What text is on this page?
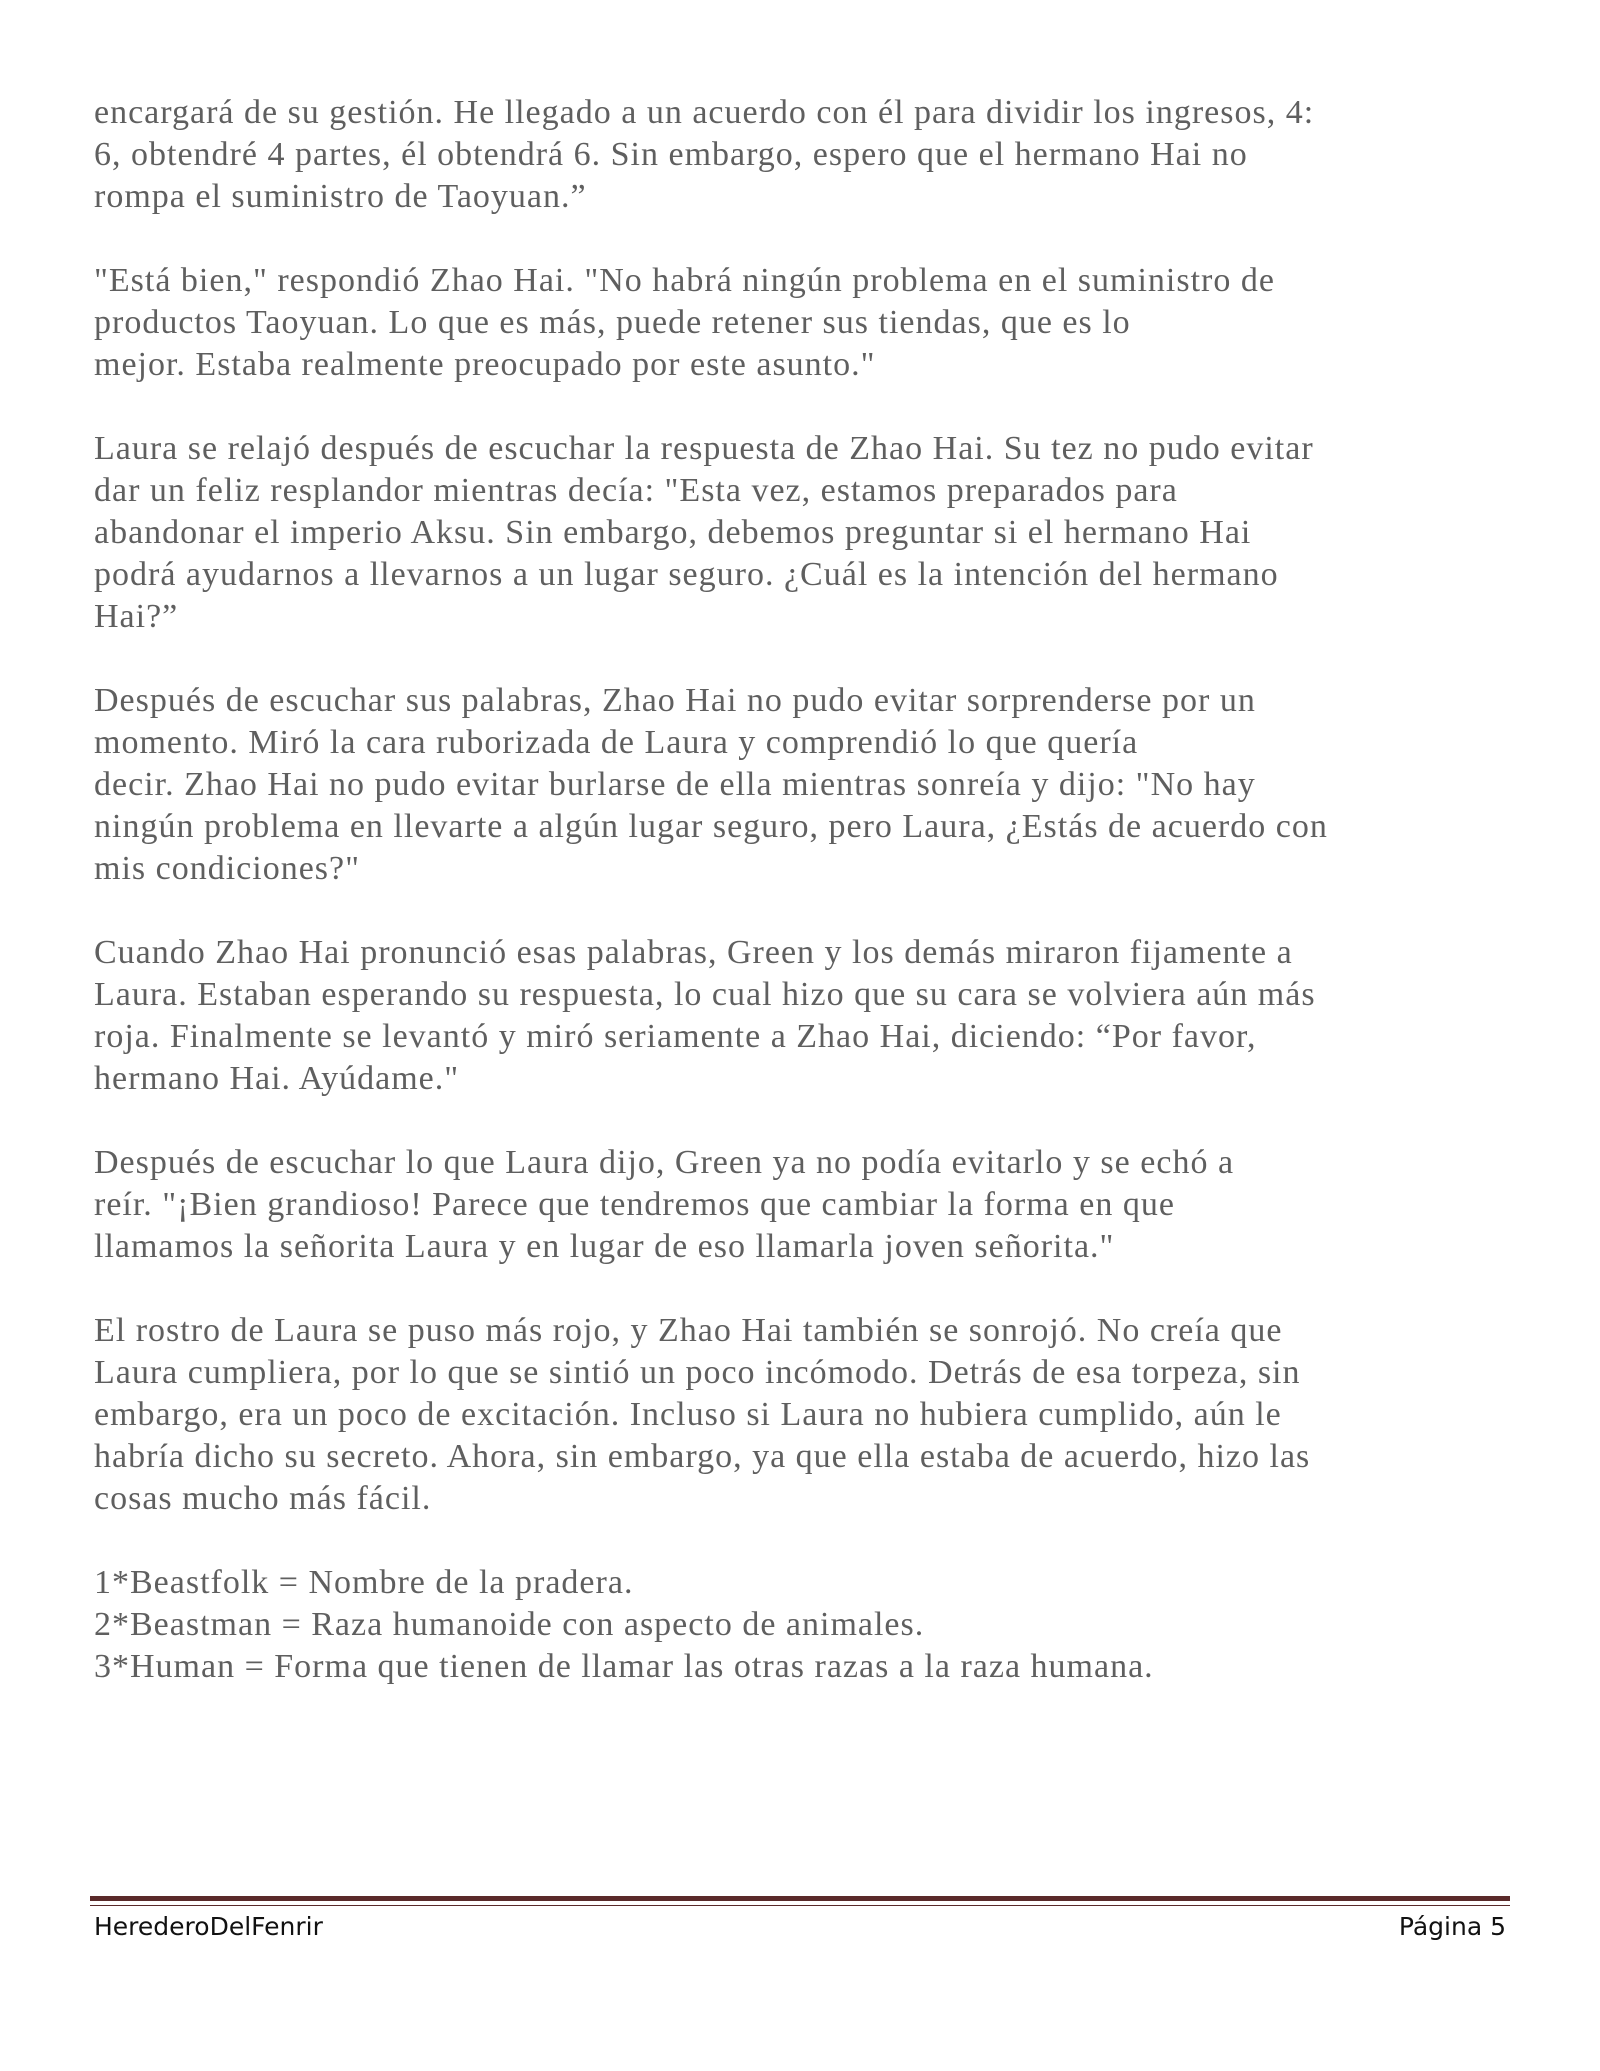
encargará de su gestión. He llegado a un acuerdo con él para dividir los ingresos, 4:
6, obtendré 4 partes, él obtendrá 6. Sin embargo, espero que el hermano Hai no
rompa el suministro de Taoyuan.”

"Está bien," respondió Zhao Hai. "No habrá ningún problema en el suministro de
productos Taoyuan. Lo que es más, puede retener sus tiendas, que es lo
mejor. Estaba realmente preocupado por este asunto."

Laura se relajó después de escuchar la respuesta de Zhao Hai. Su tez no pudo evitar
dar un feliz resplandor mientras decía: "Esta vez, estamos preparados para
abandonar el imperio Aksu. Sin embargo, debemos preguntar si el hermano Hai
podrá ayudarnos a llevarnos a un lugar seguro. ¿Cuál es la intención del hermano
Hai?”

Después de escuchar sus palabras, Zhao Hai no pudo evitar sorprenderse por un
momento. Miró la cara ruborizada de Laura y comprendió lo que quería
decir. Zhao Hai no pudo evitar burlarse de ella mientras sonreía y dijo: "No hay
ningún problema en llevarte a algún lugar seguro, pero Laura, ¿Estás de acuerdo con
mis condiciones?"

Cuando Zhao Hai pronunció esas palabras, Green y los demás miraron fijamente a
Laura. Estaban esperando su respuesta, lo cual hizo que su cara se volviera aún más
roja. Finalmente se levantó y miró seriamente a Zhao Hai, diciendo: “Por favor,
hermano Hai. Ayúdame."

Después de escuchar lo que Laura dijo, Green ya no podía evitarlo y se echó a
reír. "¡Bien grandioso! Parece que tendremos que cambiar la forma en que
llamamos la señorita Laura y en lugar de eso llamarla joven señorita."

El rostro de Laura se puso más rojo, y Zhao Hai también se sonrojó. No creía que
Laura cumpliera, por lo que se sintió un poco incómodo. Detrás de esa torpeza, sin
embargo, era un poco de excitación. Incluso si Laura no hubiera cumplido, aún le
habría dicho su secreto. Ahora, sin embargo, ya que ella estaba de acuerdo, hizo las
cosas mucho más fácil.

1*Beastfolk = Nombre de la pradera.
2*Beastman = Raza humanoide con aspecto de animales.
3*Human = Forma que tienen de llamar las otras razas a la raza humana.
HerederoDelFenrir	Página 5
